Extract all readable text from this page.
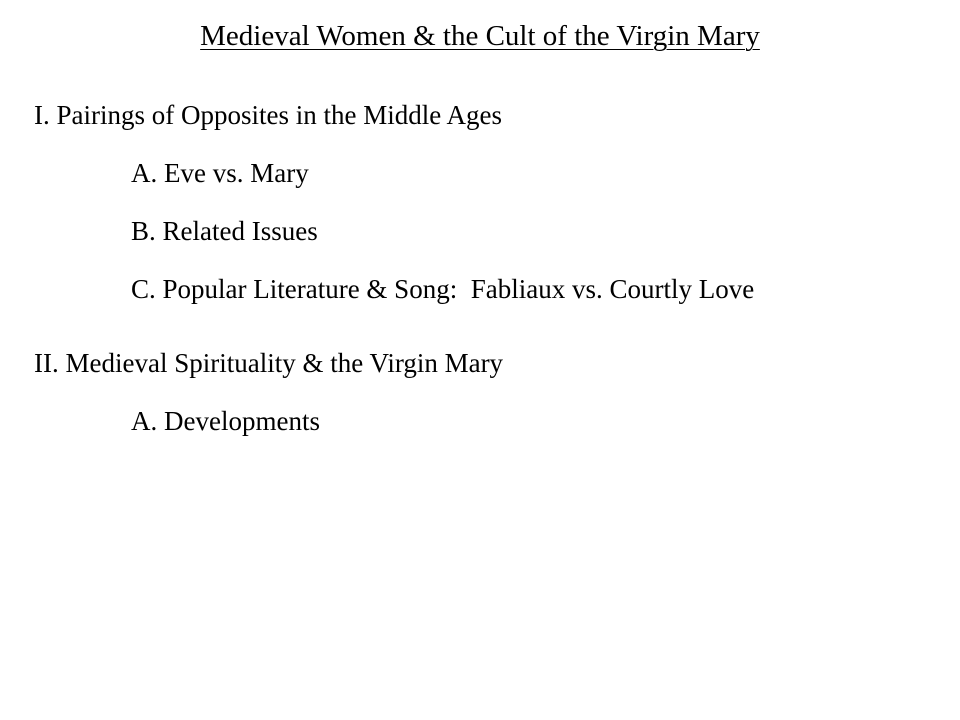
Medieval Women & the Cult of the Virgin Mary
I. Pairings of Opposites in the Middle Ages
A. Eve vs. Mary
B. Related Issues
C. Popular Literature & Song:  Fabliaux vs. Courtly Love
II. Medieval Spirituality & the Virgin Mary
A. Developments
